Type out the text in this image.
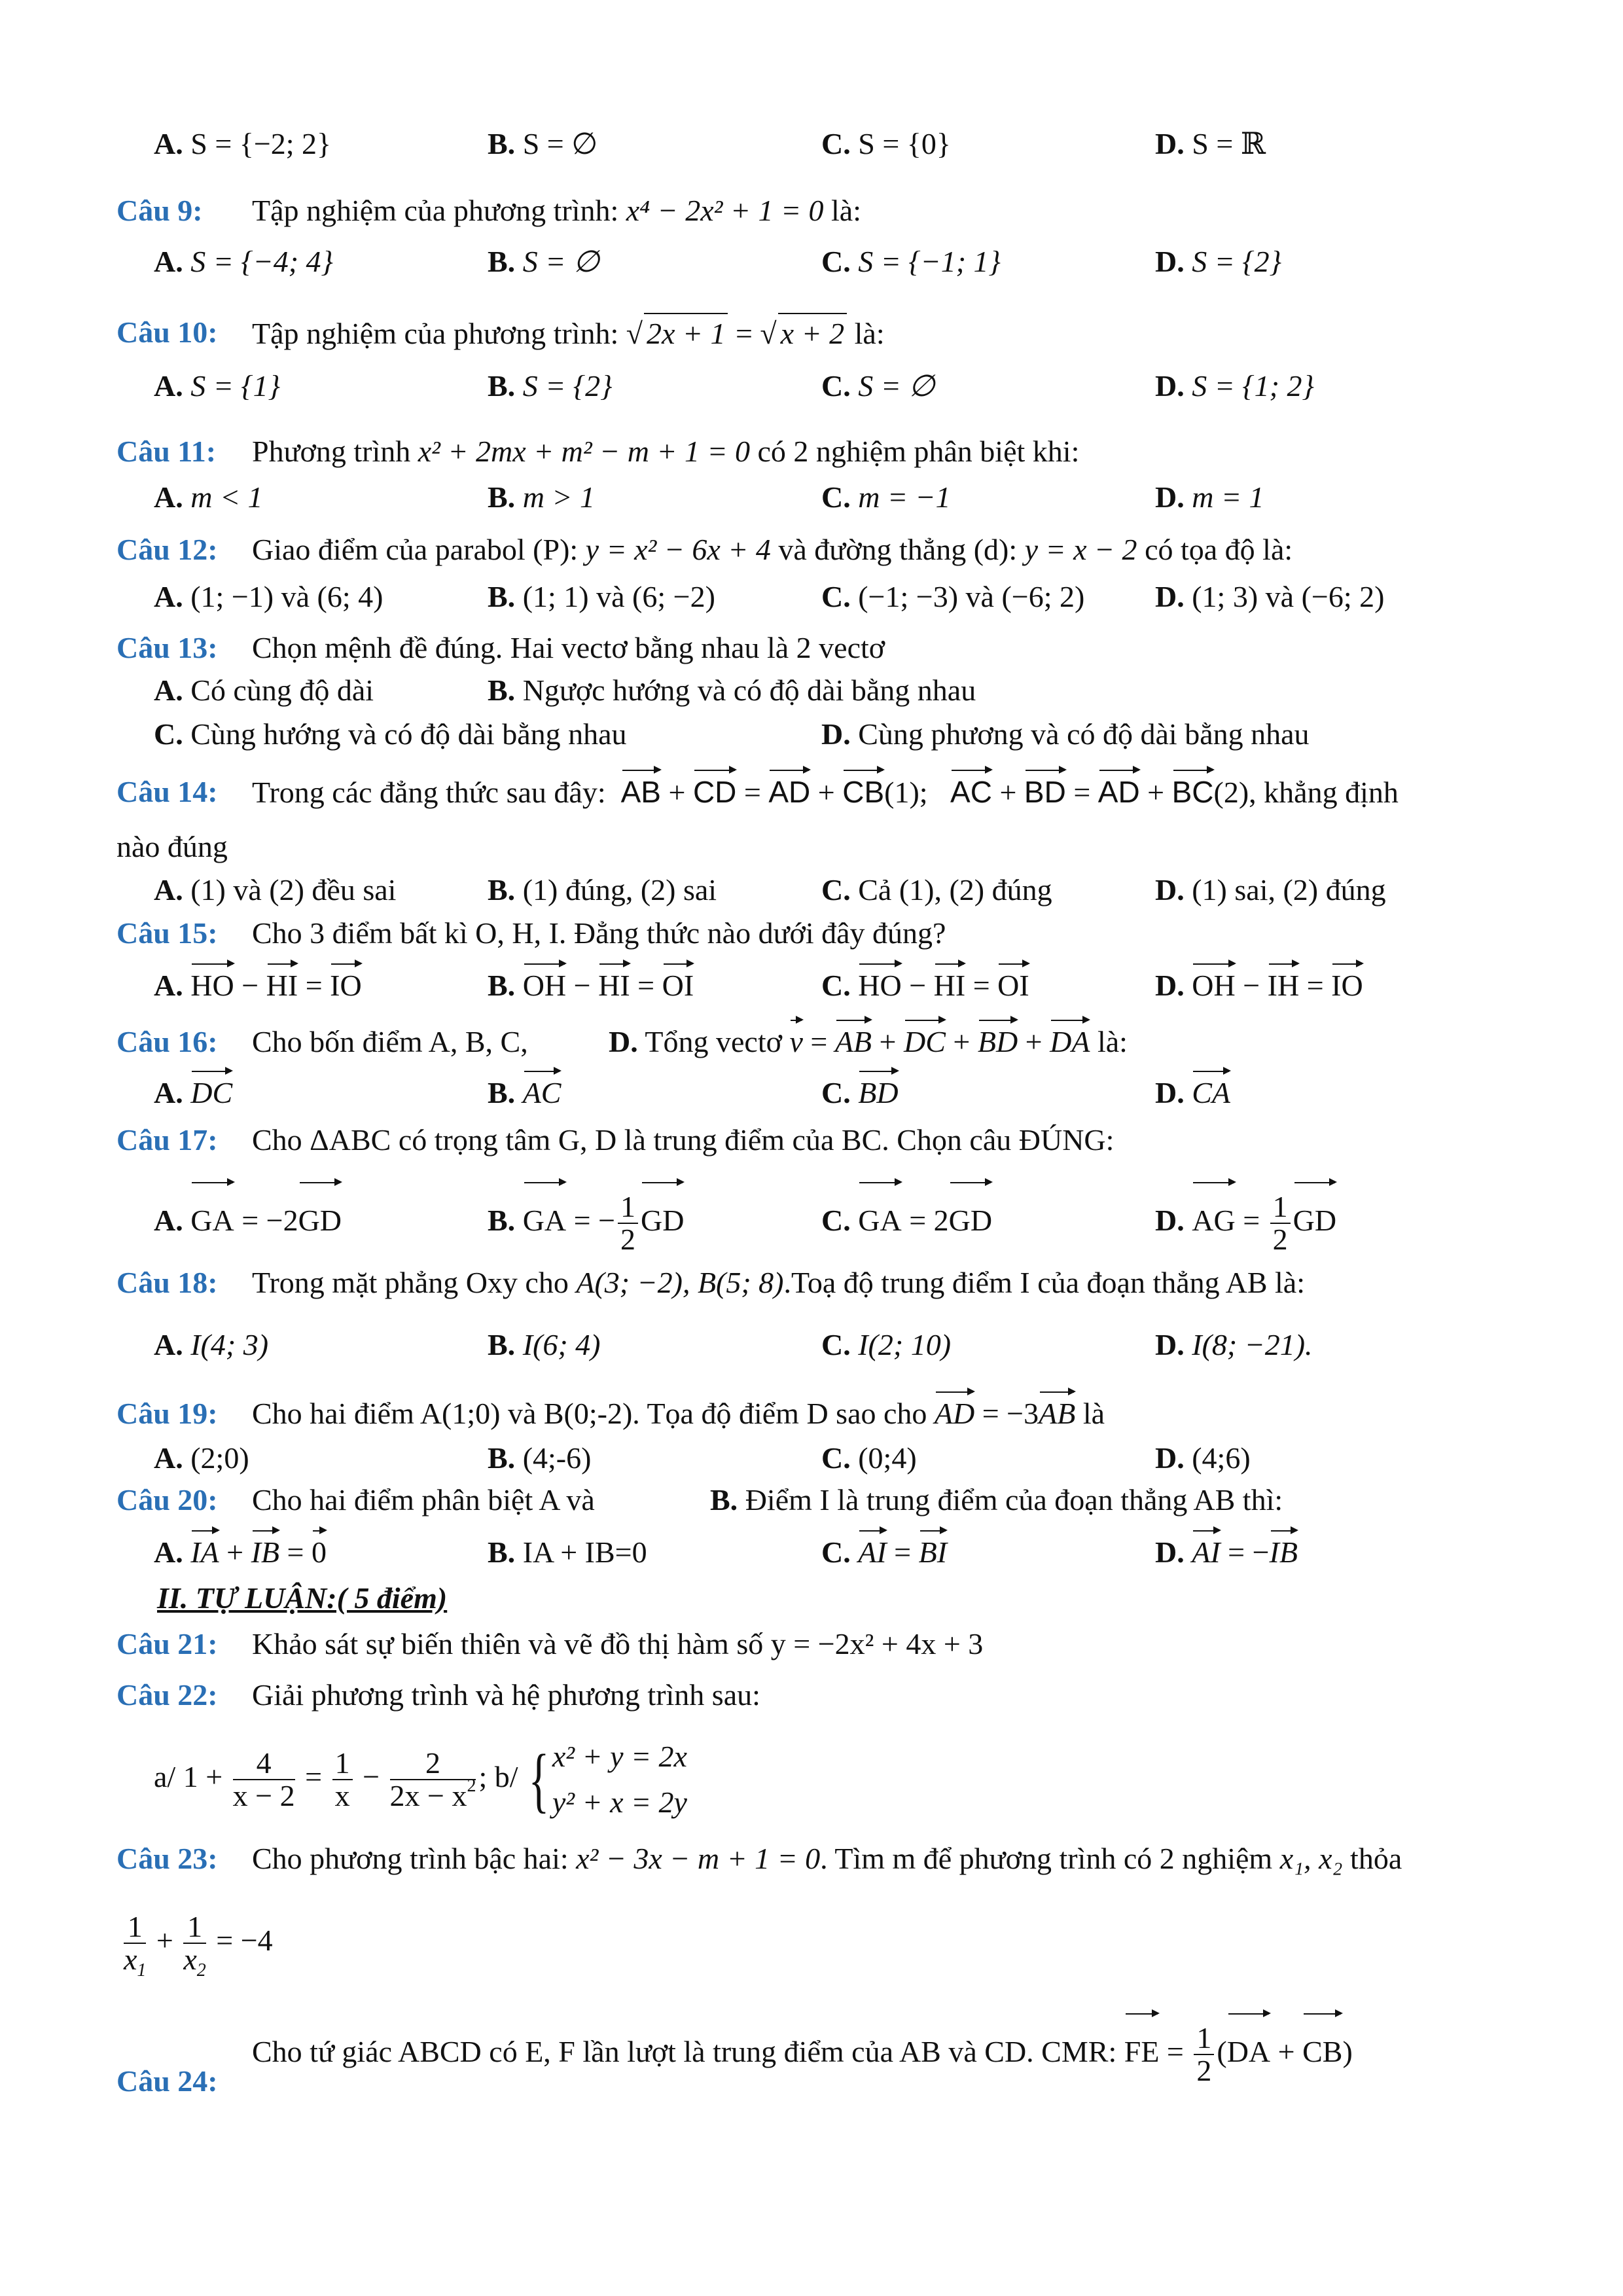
A. S = {−2; 2}	B. S = ∅	C. S = {0}	D. S = ℝ
Câu 9: Tập nghiệm của phương trình: x⁴ − 2x² + 1 = 0 là:
A. S = {−4; 4}	B. S = ∅	C. S = {−1; 1}	D. S = {2}
Câu 10: Tập nghiệm của phương trình: √ 2x + 1 = √ x + 2 là:
A. S = {1}	B. S = {2}	C. S = ∅	D. S = {1; 2}
Câu 11: Phương trình x² + 2mx + m² − m + 1 = 0 có 2 nghiệm phân biệt khi:
A. m < 1	B. m > 1	C. m = −1	D. m = 1
Câu 12: Giao điểm của parabol (P): y = x² − 6x + 4 và đường thẳng (d): y = x − 2 có tọa độ là:
A. (1; −1) và (6; 4)	B. (1; 1) và (6; −2)	C. (−1; −3) và (−6; 2) D. (1; 3) và (−6; 2)
Câu 13: Chọn mệnh đề đúng. Hai vectơ bằng nhau là 2 vectơ
A. Có cùng độ dài	B. Ngược hướng và có độ dài bằng nhau
C. Cùng hướng và có độ dài bằng nhau	D. Cùng phương và có độ dài bằng nhau
Câu 14: Trong các đẳng thức sau đây: AB + CD = AD + CB(1); AC + BD = AD + BC(2), khẳng định
nào đúng
A. (1) và (2) đều sai	B. (1) đúng, (2) sai	C. Cả (1), (2) đúng	D. (1) sai, (2) đúng
Câu 15: Cho 3 điểm bất kì O, H, I. Đẳng thức nào dưới đây đúng?
A. HO − HI = IO	B. OH − HI = OI	C. HO − HI = OI	D. OH − IH = IO
Câu 16: Cho bốn điểm A, B, C,	D. Tổng vectơ v = AB + DC + BD + DA là:
A. DC	B. AC	C. BD	D. CA
Câu 17: Cho ΔABC có trọng tâm G, D là trung điểm của BC. Chọn câu ĐÚNG:
A. GA = −2GD	B. GA = − $\frac{1}{2}$ GD	C. GA = 2GD	D. AG = $\frac{1}{2}$ GD
Câu 18: Trong mặt phẳng Oxy cho A(3; −2), B(5; 8).Toạ độ trung điểm I của đoạn thẳng AB là:
A. I(4; 3)	B. I(6; 4)	C. I(2; 10)	D. I(8; −21).
Câu 19: Cho hai điểm A(1;0) và B(0;-2). Tọa độ điểm D sao cho AD = −3AB là
A. (2;0)	B. (4;-6)	C. (0;4)	D. (4;6)
Câu 20: Cho hai điểm phân biệt A và	B. Điểm I là trung điểm của đoạn thẳng AB thì:
A. IA + IB = 0	B. IA + IB=0	C. AI = BI	D. AI = −IB
II. TỰ LUẬN:( 5 điểm)
Câu 21: Khảo sát sự biến thiên và vẽ đồ thị hàm số y = −2x² + 4x + 3
Câu 22: Giải phương trình và hệ phương trình sau:
a/ $1 + \frac{4}{x - 2} = \frac{1}{x} - \frac{2}{2x - x^2}$ ; b/ { x² + y = 2x
y² + x = 2y
Câu 23: Cho phương trình bậc hai: x² − 3x − m + 1 = 0. Tìm m để phương trình có 2 nghiệm x₁, x₂ thỏa
$\frac{1}{x_1} + \frac{1}{x_2} = -4$
Cho tứ giác ABCD có E, F lần lượt là trung điểm của AB và CD. CMR: FE = $\frac{1}{2} (DA + CB)$
Câu 24:
